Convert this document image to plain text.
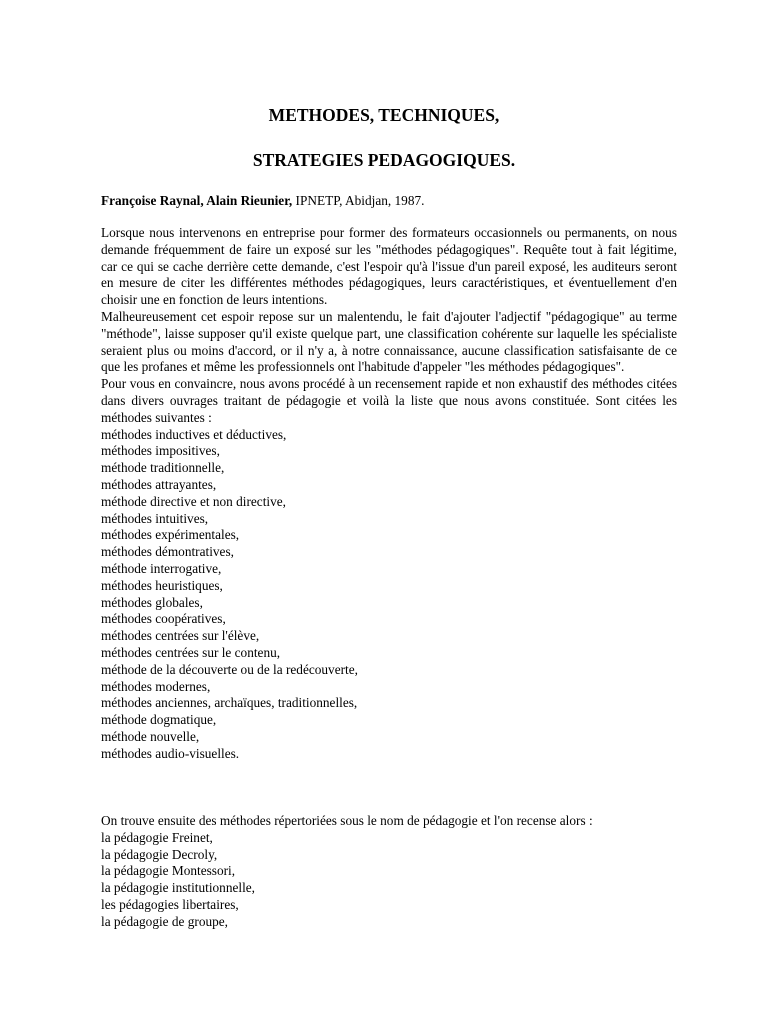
METHODES, TECHNIQUES,
STRATEGIES PEDAGOGIQUES.
Françoise Raynal, Alain Rieunier, IPNETP, Abidjan, 1987.

Lorsque nous intervenons en entreprise pour former des formateurs occasionnels ou permanents, on nous demande fréquemment de faire un exposé sur les "méthodes pédagogiques". Requête tout à fait légitime, car ce qui se cache derrière cette demande, c'est l'espoir qu'à l'issue d'un pareil exposé, les auditeurs seront en mesure de citer les différentes méthodes pédagogiques, leurs caractéristiques, et éventuellement d'en choisir une en fonction de leurs intentions.

Malheureusement cet espoir repose sur un malentendu, le fait d'ajouter l'adjectif "pédagogique" au terme "méthode", laisse supposer qu'il existe quelque part, une classification cohérente sur laquelle les spécialiste seraient plus ou moins d'accord, or il n'y a, à notre connaissance, aucune classification satisfaisante de ce que les profanes et même les professionnels ont l'habitude d'appeler "les méthodes pédagogiques".

Pour vous en convaincre, nous avons procédé à un recensement rapide et non exhaustif des méthodes citées dans divers ouvrages traitant de pédagogie et voilà la liste que nous avons constituée. Sont citées les méthodes suivantes :

méthodes inductives et déductives,
méthodes impositives,
méthode traditionnelle,
méthodes attrayantes,
méthode directive et non directive,
méthodes intuitives,
méthodes expérimentales,
méthodes démontratives,
méthode interrogative,
méthodes heuristiques,
méthodes globales,
méthodes coopératives,
méthodes centrées sur l'élève,
méthodes centrées sur le contenu,
méthode de la découverte ou de la redécouverte,
méthodes modernes,
méthodes anciennes, archaïques, traditionnelles,
méthode dogmatique,
méthode nouvelle,
méthodes audio-visuelles.

On trouve ensuite des méthodes répertoriées sous le nom de pédagogie et l'on recense alors :

la pédagogie Freinet,
la pédagogie Decroly,
la pédagogie Montessori,
la pédagogie institutionnelle,
les pédagogies libertaires,
la pédagogie de groupe,
